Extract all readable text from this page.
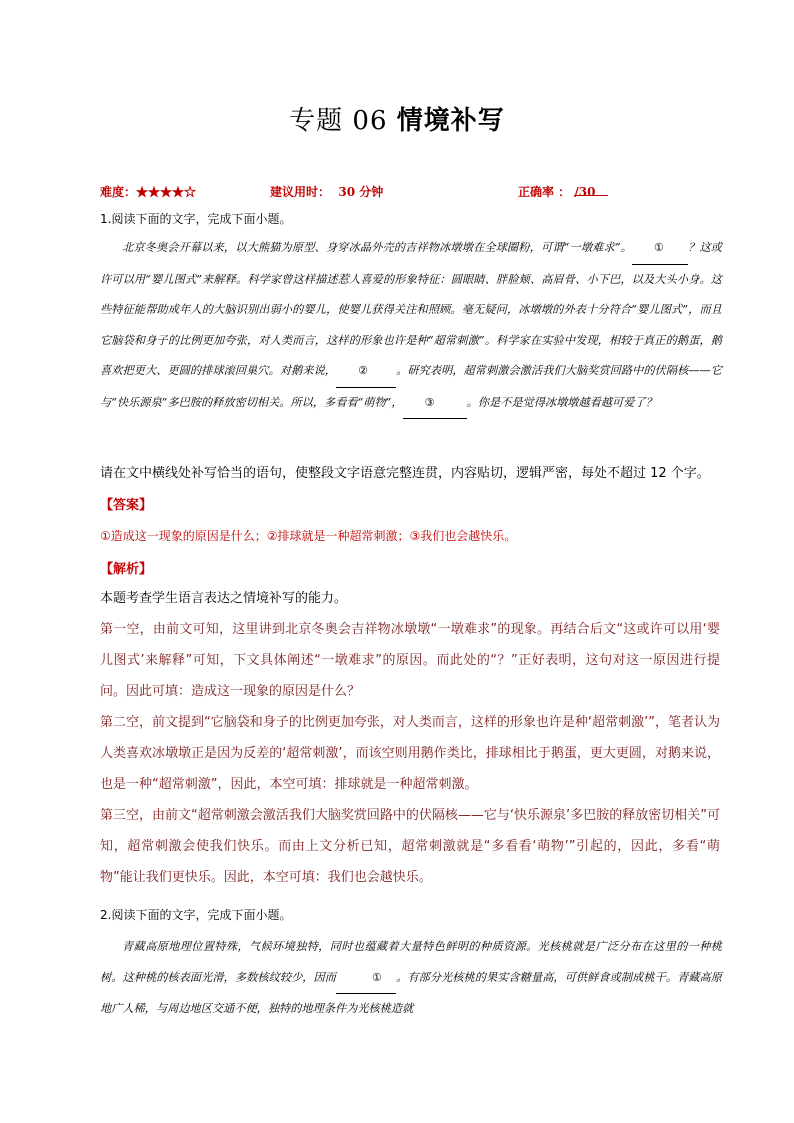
专题 06 情境补写
难度：★★★★☆	建议用时： 30 分钟	正确率 ： /30
1.阅读下面的文字，完成下面小题。

北京冬奥会开幕以来，以大熊猫为原型、身穿冰晶外壳的吉祥物冰墩墩在全球圈粉，可谓“一墩难求”。 ① ？这或许可以用“婴儿图式”来解释。科学家曾这样描述惹人喜爱的形象特征：圆眼睛、胖脸颊、高眉骨、小下巴，以及大头小身。这些特征能帮助成年人的大脑识别出弱小的婴儿，使婴儿获得关注和照顾。毫无疑问，冰墩墩的外表十分符合“婴儿图式”，而且它脑袋和身子的比例更加夸张，对人类而言，这样的形象也许是种“超常刺激”。科学家在实验中发现，相较于真正的鹅蛋，鹅喜欢把更大、更圆的排球滚回巢穴。对鹅来说， ② 。研究表明，超常刺激会激活我们大脑奖赏回路中的伏隔核——它与“快乐源泉”多巴胺的释放密切相关。所以，多看看“萌物”， ③	。你是不是觉得冰墩墩越看越可爱了？

请在文中横线处补写恰当的语句，使整段文字语意完整连贯，内容贴切，逻辑严密，每处不超过 12 个字。
【答案】
①造成这一现象的原因是什么；②排球就是一种超常刺激；③我们也会越快乐。
【解析】

本题考查学生语言表达之情境补写的能力。

第一空，由前文可知，这里讲到北京冬奥会吉祥物冰墩墩“一墩难求”的现象。再结合后文“这或许可以用‘婴儿图式’来解释”可知，下文具体阐述“一墩难求”的原因。而此处的“？”正好表明，这句对这一原因进行提问。因此可填：造成这一现象的原因是什么？

第二空，前文提到“它脑袋和身子的比例更加夸张，对人类而言，这样的形象也许是种‘超常刺激’”，笔者认为人类喜欢冰墩墩正是因为反差的‘超常刺激’，而该空则用鹅作类比，排球相比于鹅蛋，更大更圆，对鹅来说，也是一种“超常刺激”，因此，本空可填：排球就是一种超常刺激。

第三空，由前文“超常刺激会激活我们大脑奖赏回路中的伏隔核——它与‘快乐源泉’多巴胺的释放密切相关”可知，超常刺激会使我们快乐。而由上文分析已知，超常刺激就是“多看看‘萌物’”引起的，因此，多看“萌物”能让我们更快乐。因此，本空可填：我们也会越快乐。

2.阅读下面的文字，完成下面小题。

青藏高原地理位置特殊，气候环境独特，同时也蕴藏着大量特色鲜明的种质资源。光核桃就是广泛分布在这里的一种桃树。这种桃的核表面光滑，多数核纹较少，因而	① 。有部分光核桃的果实含糖量高，可供鲜食或制成桃干。青藏高原地广人稀，与周边地区交通不便，独特的地理条件为光核桃造就
